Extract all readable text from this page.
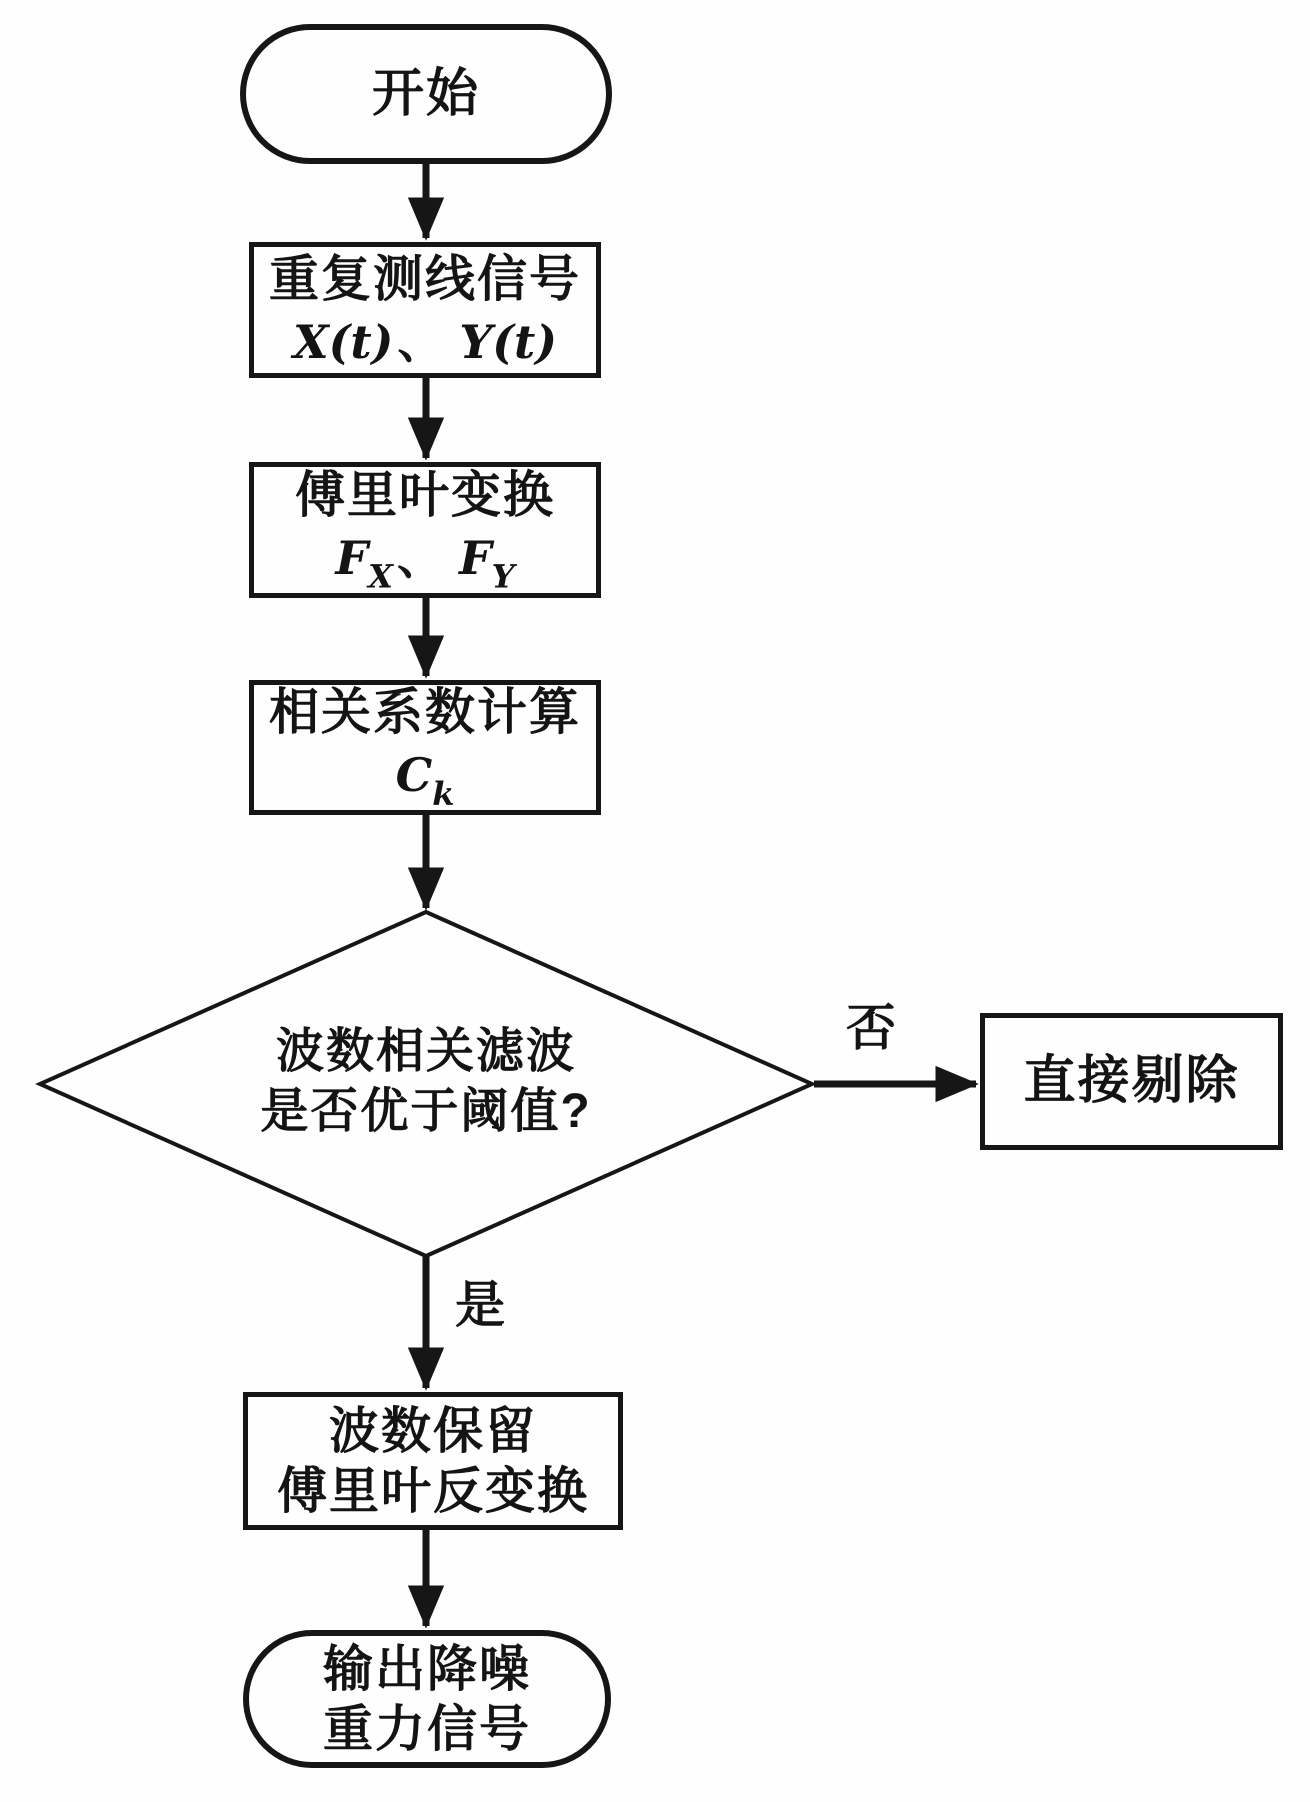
开始
重复测线信号
X(t)、 Y(t)
傅里叶变换
$F_X$、 $F_Y$
相关系数计算
$C_k$
波数相关滤波
是否优于阈值?
否
是
直接剔除
波数保留
傅里叶反变换
输出降噪
重力信号
